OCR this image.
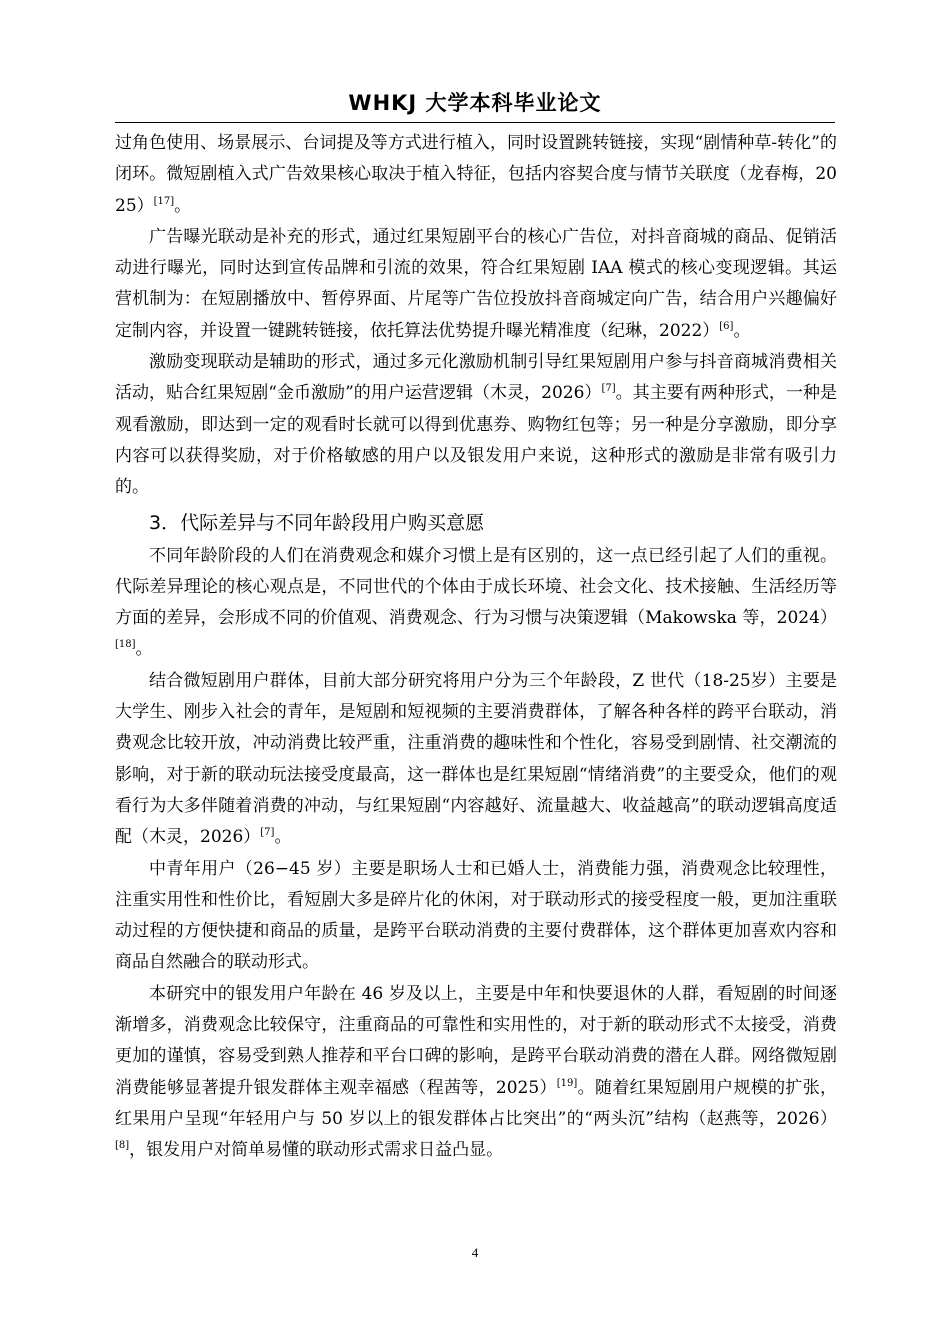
WHKJ 大学本科毕业论文

过角色使用、场景展示、台词提及等方式进行植入，同时设置跳转链接，实现“剧情种草-转化”的闭环。微短剧植入式广告效果核心取决于植入特征，包括内容契合度与情节关联度（龙春梅，2025）[17]。

广告曝光联动是补充的形式，通过红果短剧平台的核心广告位，对抖音商城的商品、促销活动进行曝光，同时达到宣传品牌和引流的效果，符合红果短剧 IAA 模式的核心变现逻辑。其运营机制为：在短剧播放中、暂停界面、片尾等广告位投放抖音商城定向广告，结合用户兴趣偏好定制内容，并设置一键跳转链接，依托算法优势提升曝光精准度（纪琳，2022）[6]。

激励变现联动是辅助的形式，通过多元化激励机制引导红果短剧用户参与抖音商城消费相关活动，贴合红果短剧“金币激励”的用户运营逻辑（木灵，2026）[7]。其主要有两种形式，一种是观看激励，即达到一定的观看时长就可以得到优惠券、购物红包等；另一种是分享激励，即分享内容可以获得奖励，对于价格敏感的用户以及银发用户来说，这种形式的激励是非常有吸引力的。

3．代际差异与不同年龄段用户购买意愿

不同年龄阶段的人们在消费观念和媒介习惯上是有区别的，这一点已经引起了人们的重视。代际差异理论的核心观点是，不同世代的个体由于成长环境、社会文化、技术接触、生活经历等方面的差异，会形成不同的价值观、消费观念、行为习惯与决策逻辑（Makowska 等，2024）[18]。

结合微短剧用户群体，目前大部分研究将用户分为三个年龄段，Z 世代（18-25岁）主要是大学生、刚步入社会的青年，是短剧和短视频的主要消费群体，了解各种各样的跨平台联动，消费观念比较开放，冲动消费比较严重，注重消费的趣味性和个性化，容易受到剧情、社交潮流的影响，对于新的联动玩法接受度最高，这一群体也是红果短剧“情绪消费”的主要受众，他们的观看行为大多伴随着消费的冲动，与红果短剧“内容越好、流量越大、收益越高”的联动逻辑高度适配（木灵，2026）[7]。

中青年用户（26−45 岁）主要是职场人士和已婚人士，消费能力强，消费观念比较理性，注重实用性和性价比，看短剧大多是碎片化的休闲，对于联动形式的接受程度一般，更加注重联动过程的方便快捷和商品的质量，是跨平台联动消费的主要付费群体，这个群体更加喜欢内容和商品自然融合的联动形式。

本研究中的银发用户年龄在 46 岁及以上，主要是中年和快要退休的人群，看短剧的时间逐渐增多，消费观念比较保守，注重商品的可靠性和实用性的，对于新的联动形式不太接受，消费更加的谨慎，容易受到熟人推荐和平台口碑的影响，是跨平台联动消费的潜在人群。网络微短剧消费能够显著提升银发群体主观幸福感（程茜等，2025）[19]。随着红果短剧用户规模的扩张，红果用户呈现“年轻用户与 50 岁以上的银发群体占比突出”的“两头沉”结构（赵燕等，2026）[8]，银发用户对简单易懂的联动形式需求日益凸显。

4
